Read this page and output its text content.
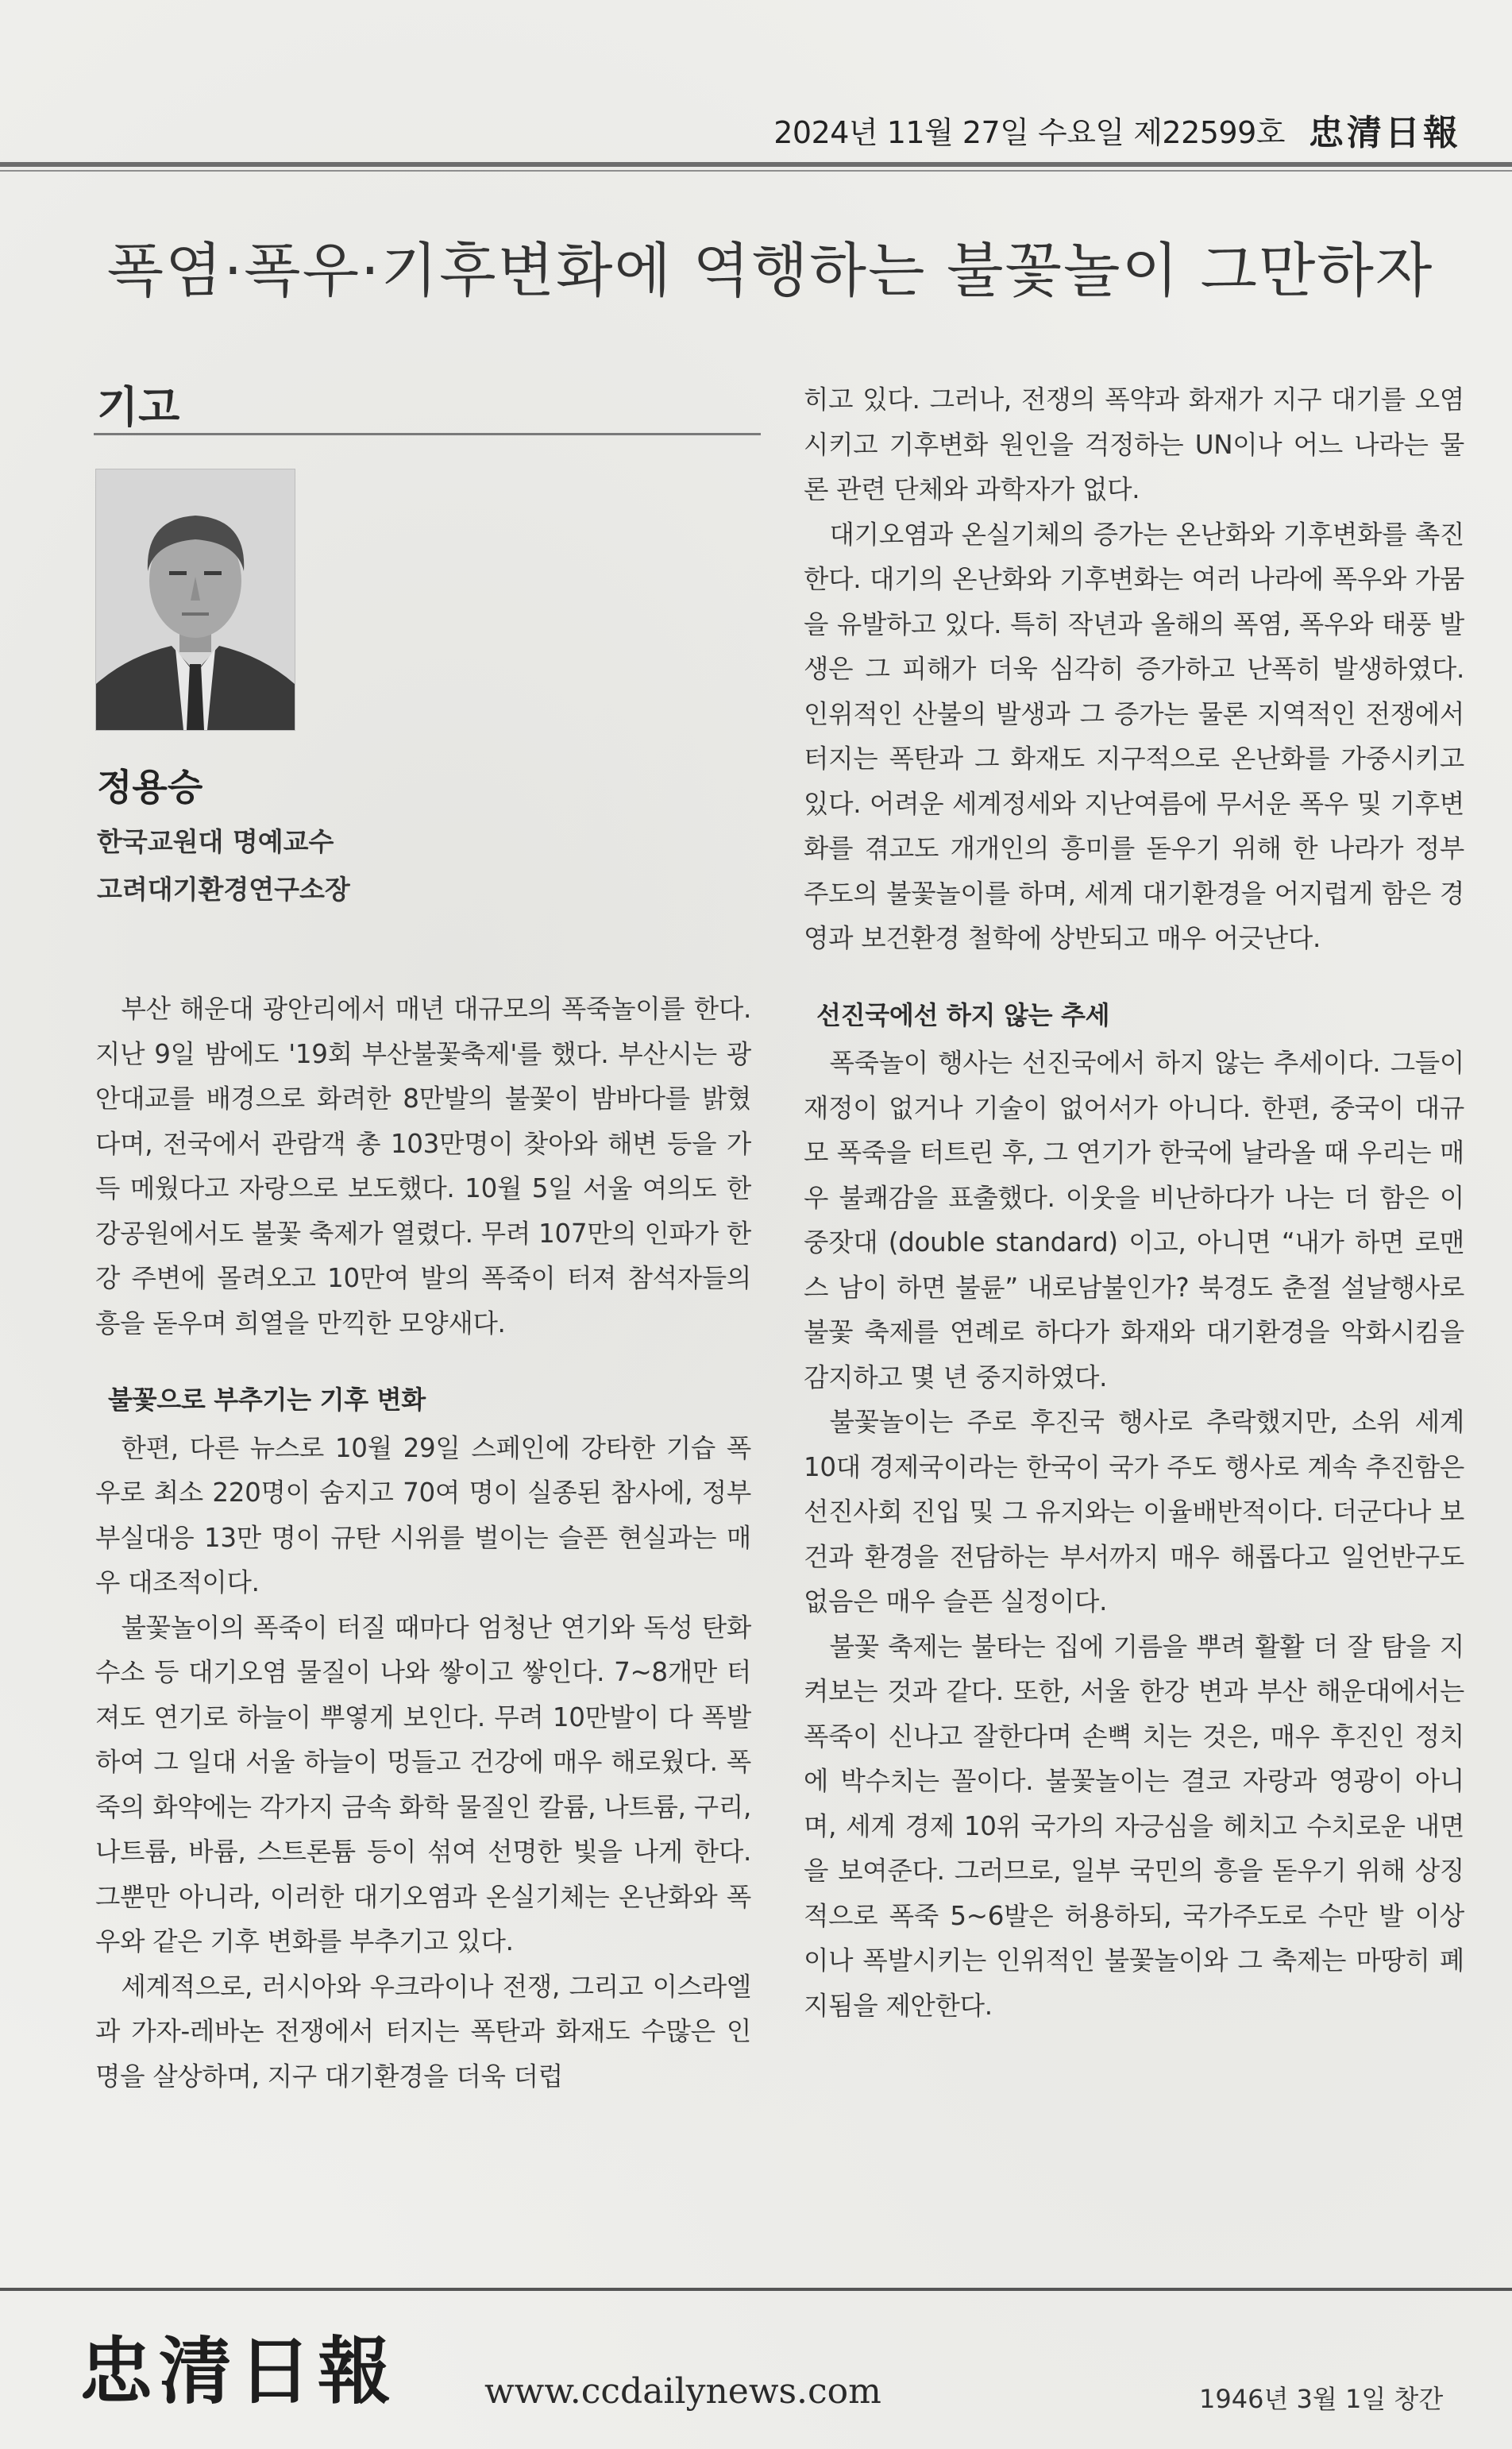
2024년 11월 27일 수요일 제22599호 忠清日報
폭염·폭우·기후변화에 역행하는 불꽃놀이 그만하자
기고
정용승
한국교원대 명예교수
고려대기환경연구소장

부산 해운대 광안리에서 매년 대규모의 폭죽놀이를 한다. 지난 9일 밤에도 '19회 부산불꽃축제'를 했다. 부산시는 광안대교를 배경으로 화려한 8만발의 불꽃이 밤바다를 밝혔다며, 전국에서 관람객 총 103만명이 찾아와 해변 등을 가득 메웠다고 자랑으로 보도했다. 10월 5일 서울 여의도 한강공원에서도 불꽃 축제가 열렸다. 무려 107만의 인파가 한강 주변에 몰려오고 10만여 발의 폭죽이 터져 참석자들의 흥을 돋우며 희열을 만끽한 모양새다.

불꽃으로 부추기는 기후 변화

한편, 다른 뉴스로 10월 29일 스페인에 강타한 기습 폭우로 최소 220명이 숨지고 70여 명이 실종된 참사에, 정부 부실대응 13만 명이 규탄 시위를 벌이는 슬픈 현실과는 매우 대조적이다.

불꽃놀이의 폭죽이 터질 때마다 엄청난 연기와 독성 탄화수소 등 대기오염 물질이 나와 쌓이고 쌓인다. 7~8개만 터져도 연기로 하늘이 뿌옇게 보인다. 무려 10만발이 다 폭발하여 그 일대 서울 하늘이 멍들고 건강에 매우 해로웠다. 폭죽의 화약에는 각가지 금속 화학 물질인 칼륨, 나트륨, 구리, 나트륨, 바륨, 스트론튬 등이 섞여 선명한 빛을 나게 한다. 그뿐만 아니라, 이러한 대기오염과 온실기체는 온난화와 폭우와 같은 기후 변화를 부추기고 있다.

세계적으로, 러시아와 우크라이나 전쟁, 그리고 이스라엘과 가자-레바논 전쟁에서 터지는 폭탄과 화재도 수많은 인명을 살상하며, 지구 대기환경을 더욱 더럽

히고 있다. 그러나, 전쟁의 폭약과 화재가 지구 대기를 오염시키고 기후변화 원인을 걱정하는 UN이나 어느 나라는 물론 관련 단체와 과학자가 없다.

대기오염과 온실기체의 증가는 온난화와 기후변화를 촉진한다. 대기의 온난화와 기후변화는 여러 나라에 폭우와 가뭄을 유발하고 있다. 특히 작년과 올해의 폭염, 폭우와 태풍 발생은 그 피해가 더욱 심각히 증가하고 난폭히 발생하였다. 인위적인 산불의 발생과 그 증가는 물론 지역적인 전쟁에서 터지는 폭탄과 그 화재도 지구적으로 온난화를 가중시키고 있다. 어려운 세계정세와 지난여름에 무서운 폭우 및 기후변화를 겪고도 개개인의 흥미를 돋우기 위해 한 나라가 정부 주도의 불꽃놀이를 하며, 세계 대기환경을 어지럽게 함은 경영과 보건환경 철학에 상반되고 매우 어긋난다.

선진국에선 하지 않는 추세

폭죽놀이 행사는 선진국에서 하지 않는 추세이다. 그들이 재정이 없거나 기술이 없어서가 아니다. 한편, 중국이 대규모 폭죽을 터트린 후, 그 연기가 한국에 날라올 때 우리는 매우 불쾌감을 표출했다. 이웃을 비난하다가 나는 더 함은 이중잣대 (double standard) 이고, 아니면 “내가 하면 로맨스 남이 하면 불륜” 내로남불인가? 북경도 춘절 설날행사로 불꽃 축제를 연례로 하다가 화재와 대기환경을 악화시킴을 감지하고 몇 년 중지하였다.

불꽃놀이는 주로 후진국 행사로 추락했지만, 소위 세계 10대 경제국이라는 한국이 국가 주도 행사로 계속 추진함은 선진사회 진입 및 그 유지와는 이율배반적이다. 더군다나 보건과 환경을 전담하는 부서까지 매우 해롭다고 일언반구도 없음은 매우 슬픈 실정이다.

불꽃 축제는 불타는 집에 기름을 뿌려 활활 더 잘 탐을 지켜보는 것과 같다. 또한, 서울 한강 변과 부산 해운대에서는 폭죽이 신나고 잘한다며 손뼉 치는 것은, 매우 후진인 정치에 박수치는 꼴이다. 불꽃놀이는 결코 자랑과 영광이 아니며, 세계 경제 10위 국가의 자긍심을 헤치고 수치로운 내면을 보여준다. 그러므로, 일부 국민의 흥을 돋우기 위해 상징적으로 폭죽 5~6발은 허용하되, 국가주도로 수만 발 이상이나 폭발시키는 인위적인 불꽃놀이와 그 축제는 마땅히 폐지됨을 제안한다.

忠清日報 www.ccdailynews.com	1946년 3월 1일 창간
